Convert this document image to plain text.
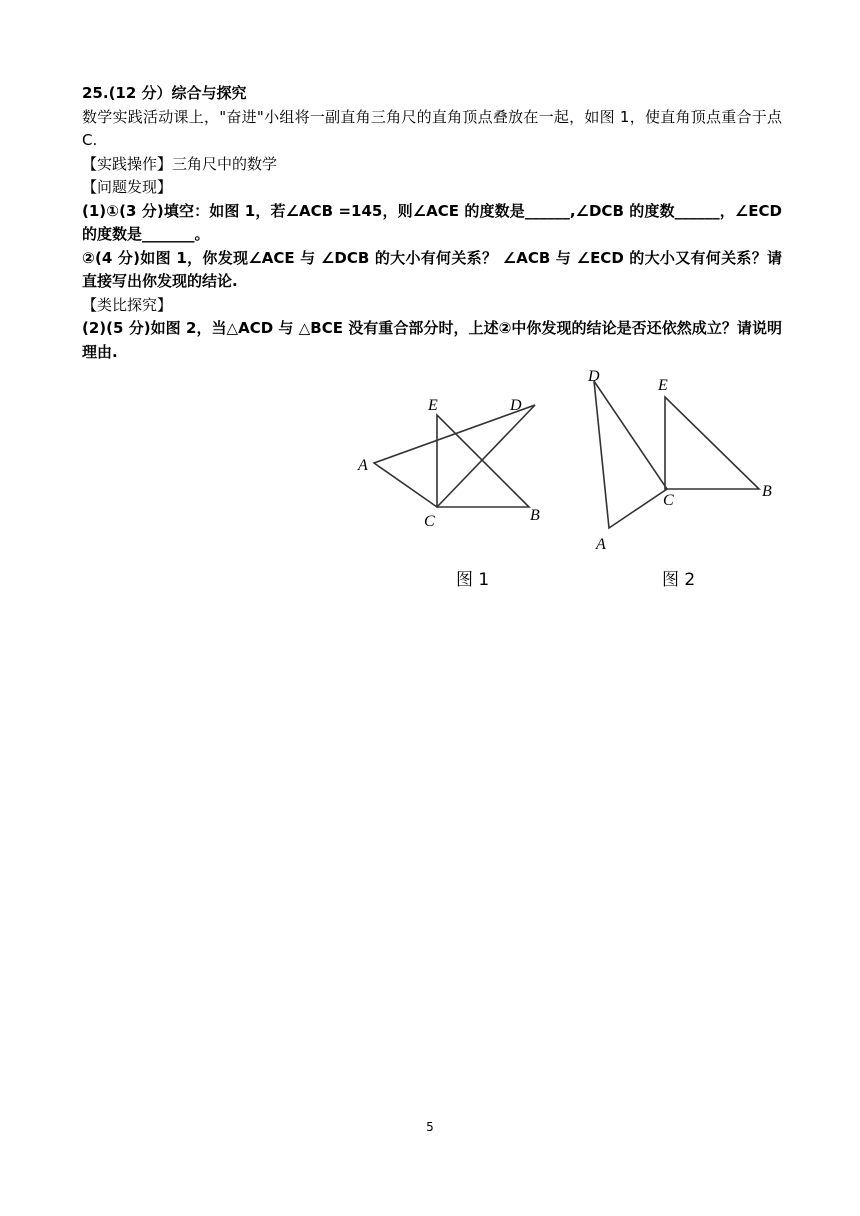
25.(12 分）综合与探究

数学实践活动课上，"奋进"小组将一副直角三角尺的直角顶点叠放在一起，如图 1，使直角顶点重合于点 C.

【实践操作】三角尺中的数学

【问题发现】

(1)①(3 分)填空：如图 1，若∠ACB =145，则∠ACE 的度数是______,∠DCB 的度数______，∠ECD 的度数是_______。

②(4 分)如图 1，你发现∠ACE 与 ∠DCB 的大小有何关系？ ∠ACB 与 ∠ECD 的大小又有何关系？请直接写出你发现的结论.

【类比探究】

(2)(5 分)如图 2，当△ACD 与 △BCE 没有重合部分时，上述②中你发现的结论是否还依然成立？请说明理由.

A
B
C
D
E
图 1
A
B
C
D
E
图 2
5
